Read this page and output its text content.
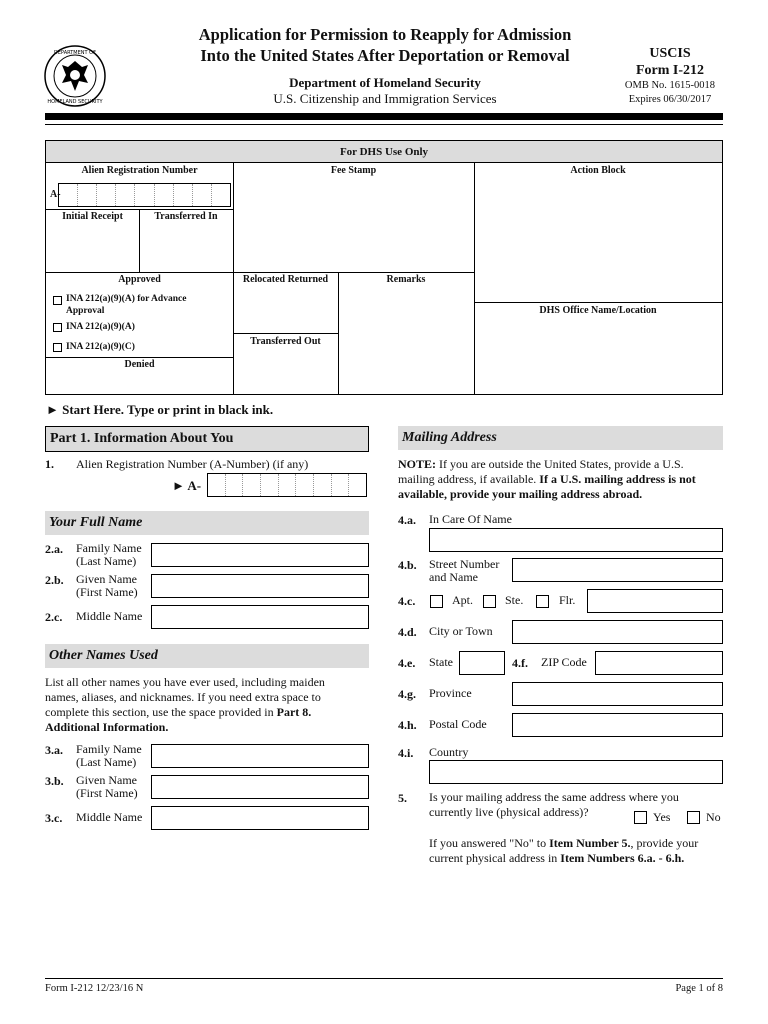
DEPARTMENT OF
HOMELAND SECURITY
Application for Permission to Reapply for Admission
Into the United States After Deportation or Removal
Department of Homeland Security
U.S. Citizenship and Immigration Services
USCIS
Form I-212
OMB No. 1615-0018
Expires 06/30/2017
For DHS Use Only
Alien Registration Number
A-
Fee Stamp	Action Block
Initial Receipt	Transferred In
Approved
INA 212(a)(9)(A) for Advance
Approval
INA 212(a)(9)(A)
INA 212(a)(9)(C)
Denied
Relocated Returned	Remarks
Transferred Out
DHS Office Name/Location
► Start Here. Type or print in black ink.
Part 1. Information About You
1. Alien Registration Number (A-Number) (if any)
► A-
Your Full Name
2.a. Family Name
(Last Name)
2.b. Given Name
(First Name)
2.c. Middle Name
Other Names Used
List all other names you have ever used, including maiden
names, aliases, and nicknames. If you need extra space to
complete this section, use the space provided in Part 8.
Additional Information.
3.a. Family Name
(Last Name)
3.b. Given Name
(First Name)
3.c. Middle Name
Mailing Address
NOTE: If you are outside the United States, provide a U.S.
mailing address, if available. If a U.S. mailing address is not
available, provide your mailing address abroad.
4.a. In Care Of Name
4.b. Street Number
and Name
4.c.	Apt.	Ste.	Flr.
4.d. City or Town
4.e. State	4.f. ZIP Code
4.g. Province
4.h. Postal Code
4.i. Country
5. Is your mailing address the same address where you
currently live (physical address)?	Yes	No
If you answered "No" to Item Number 5., provide your
current physical address in Item Numbers 6.a. - 6.h.
Form I-212 12/23/16 N	Page 1 of 8
